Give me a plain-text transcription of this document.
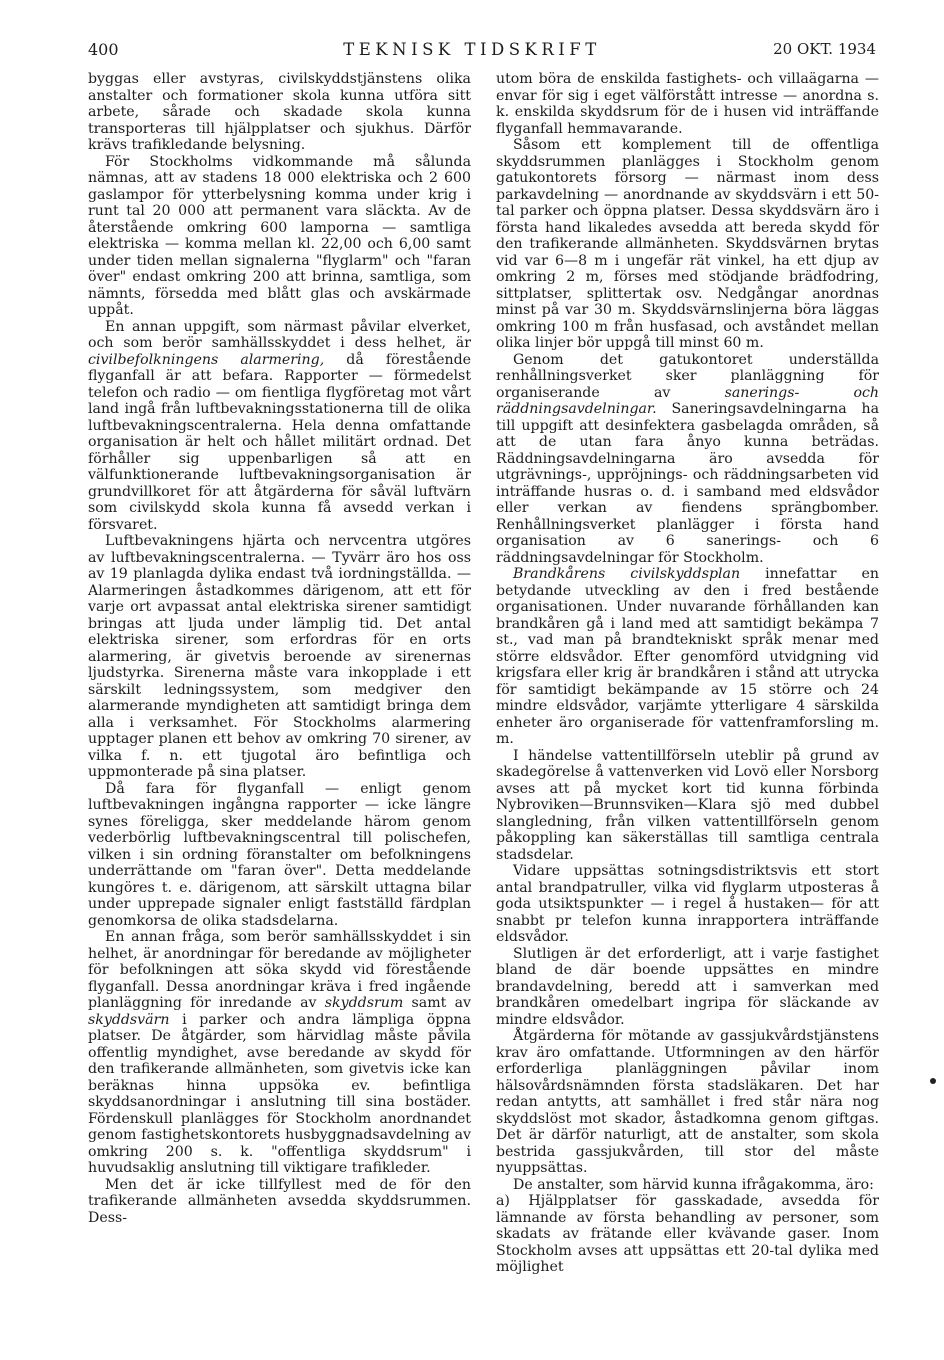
400	TEKNISK TIDSKRIFT	20 OKT. 1934

byggas eller avstyras, civilskyddstjänstens olika anstalter och formationer skola kunna utföra sitt arbete, sårade och skadade skola kunna transporteras till hjälpplatser och sjukhus. Därför krävs trafikledande belysning.

För Stockholms vidkommande må sålunda nämnas, att av stadens 18 000 elektriska och 2 600 gaslampor för ytterbelysning komma under krig i runt tal 20 000 att permanent vara släckta. Av de återstående omkring 600 lamporna — samtliga elektriska — komma mellan kl. 22,00 och 6,00 samt under tiden mellan signalerna "flyglarm" och "faran över" endast omkring 200 att brinna, samtliga, som nämnts, försedda med blått glas och avskärmade uppåt.

En annan uppgift, som närmast påvilar elverket, och som berör samhällsskyddet i dess helhet, är civilbefolkningens alarmering, då förestående flyganfall är att befara. Rapporter — förmedelst telefon och radio — om fientliga flygföretag mot vårt land ingå från luftbevakningsstationerna till de olika luftbevakningscentralerna. Hela denna omfattande organisation är helt och hållet militärt ordnad. Det förhåller sig uppenbarligen så att en välfunktionerande luftbevakningsorganisation är grundvillkoret för att åtgärderna för såväl luftvärn som civilskydd skola kunna få avsedd verkan i försvaret.

Luftbevakningens hjärta och nervcentra utgöres av luftbevakningscentralerna. — Tyvärr äro hos oss av 19 planlagda dylika endast två iordningställda. — Alarmeringen åstadkommes därigenom, att ett för varje ort avpassat antal elektriska sirener samtidigt bringas att ljuda under lämplig tid. Det antal elektriska sirener, som erfordras för en orts alarmering, är givetvis beroende av sirenernas ljudstyrka. Sirenerna måste vara inkopplade i ett särskilt ledningssystem, som medgiver den alarmerande myndigheten att samtidigt bringa dem alla i verksamhet. För Stockholms alarmering upptager planen ett behov av omkring 70 sirener, av vilka f. n. ett tjugotal äro befintliga och uppmonterade på sina platser.

Då fara för flyganfall — enligt genom luftbevakningen ingångna rapporter — icke längre synes föreligga, sker meddelande härom genom vederbörlig luftbevakningscentral till polischefen, vilken i sin ordning föranstalter om befolkningens underrättande om "faran över". Detta meddelande kungöres t. e. därigenom, att särskilt uttagna bilar under upprepade signaler enligt fastställd färdplan genomkorsa de olika stadsdelarna.

En annan fråga, som berör samhällsskyddet i sin helhet, är anordningar för beredande av möjligheter för befolkningen att söka skydd vid förestående flyganfall. Dessa anordningar kräva i fred ingående planläggning för inredande av skyddsrum samt av skyddsvärn i parker och andra lämpliga öppna platser. De åtgärder, som härvidlag måste påvila offentlig myndighet, avse beredande av skydd för den trafikerande allmänheten, som givetvis icke kan beräknas hinna uppsöka ev. befintliga skyddsanordningar i anslutning till sina bostäder. Fördenskull planlägges för Stockholm anordnandet genom fastighetskontorets husbyggnadsavdelning av omkring 200 s. k. "offentliga skyddsrum" i huvudsaklig anslutning till viktigare trafikleder.

Men det är icke tillfyllest med de för den trafikerande allmänheten avsedda skyddsrummen. Dess-

utom böra de enskilda fastighets- och villaägarna — envar för sig i eget välförstått intresse — anordna s. k. enskilda skyddsrum för de i husen vid inträffande flyganfall hemmavarande.

Såsom ett komplement till de offentliga skyddsrummen planlägges i Stockholm genom gatukontorets försorg — närmast inom dess parkavdelning — anordnande av skyddsvärn i ett 50-tal parker och öppna platser. Dessa skyddsvärn äro i första hand likaledes avsedda att bereda skydd för den trafikerande allmänheten. Skyddsvärnen brytas vid var 6—8 m i ungefär rät vinkel, ha ett djup av omkring 2 m, förses med stödjande brädfodring, sittplatser, splittertak osv. Nedgångar anordnas minst på var 30 m. Skyddsvärnslinjerna böra läggas omkring 100 m från husfasad, och avståndet mellan olika linjer bör uppgå till minst 60 m.

Genom det gatukontoret underställda renhållningsverket sker planläggning för organiserande av sanerings- och räddningsavdelningar. Saneringsavdelningarna ha till uppgift att desinfektera gasbelagda områden, så att de utan fara ånyo kunna beträdas. Räddningsavdelningarna äro avsedda för utgrävnings-, uppröjnings- och räddningsarbeten vid inträffande husras o. d. i samband med eldsvådor eller verkan av fiendens sprängbomber. Renhållningsverket planlägger i första hand organisation av 6 sanerings- och 6 räddningsavdelningar för Stockholm.

Brandkårens civilskyddsplan innefattar en betydande utveckling av den i fred bestående organisationen. Under nuvarande förhållanden kan brandkåren gå i land med att samtidigt bekämpa 7 st., vad man på brandtekniskt språk menar med större eldsvådor. Efter genomförd utvidgning vid krigsfara eller krig är brandkåren i stånd att utrycka för samtidigt bekämpande av 15 större och 24 mindre eldsvådor, varjämte ytterligare 4 särskilda enheter äro organiserade för vattenframforsling m. m.

I händelse vattentillförseln uteblir på grund av skadegörelse å vattenverken vid Lovö eller Norsborg avses att på mycket kort tid kunna förbinda Nybroviken—Brunnsviken—Klara sjö med dubbel slangledning, från vilken vattentillförseln genom påkoppling kan säkerställas till samtliga centrala stadsdelar.

Vidare uppsättas sotningsdistriktsvis ett stort antal brandpatruller, vilka vid flyglarm utposteras å goda utsiktspunkter — i regel å hustaken— för att snabbt pr telefon kunna inrapportera inträffande eldsvådor.

Slutligen är det erforderligt, att i varje fastighet bland de där boende uppsättes en mindre brandavdelning, beredd att i samverkan med brandkåren omedelbart ingripa för släckande av mindre eldsvådor.

Åtgärderna för mötande av gassjukvårdstjänstens krav äro omfattande. Utformningen av den härför erforderliga planläggningen påvilar inom hälsovårdsnämnden första stadsläkaren. Det har redan antytts, att samhället i fred står nära nog skyddslöst mot skador, åstadkomna genom giftgas. Det är därför naturligt, att de anstalter, som skola bestrida gassjukvården, till stor del måste nyuppsättas.

De anstalter, som härvid kunna ifrågakomma, äro:

a) Hjälpplatser för gasskadade, avsedda för lämnande av första behandling av personer, som skadats av frätande eller kvävande gaser. Inom Stockholm avses att uppsättas ett 20-tal dylika med möjlighet
